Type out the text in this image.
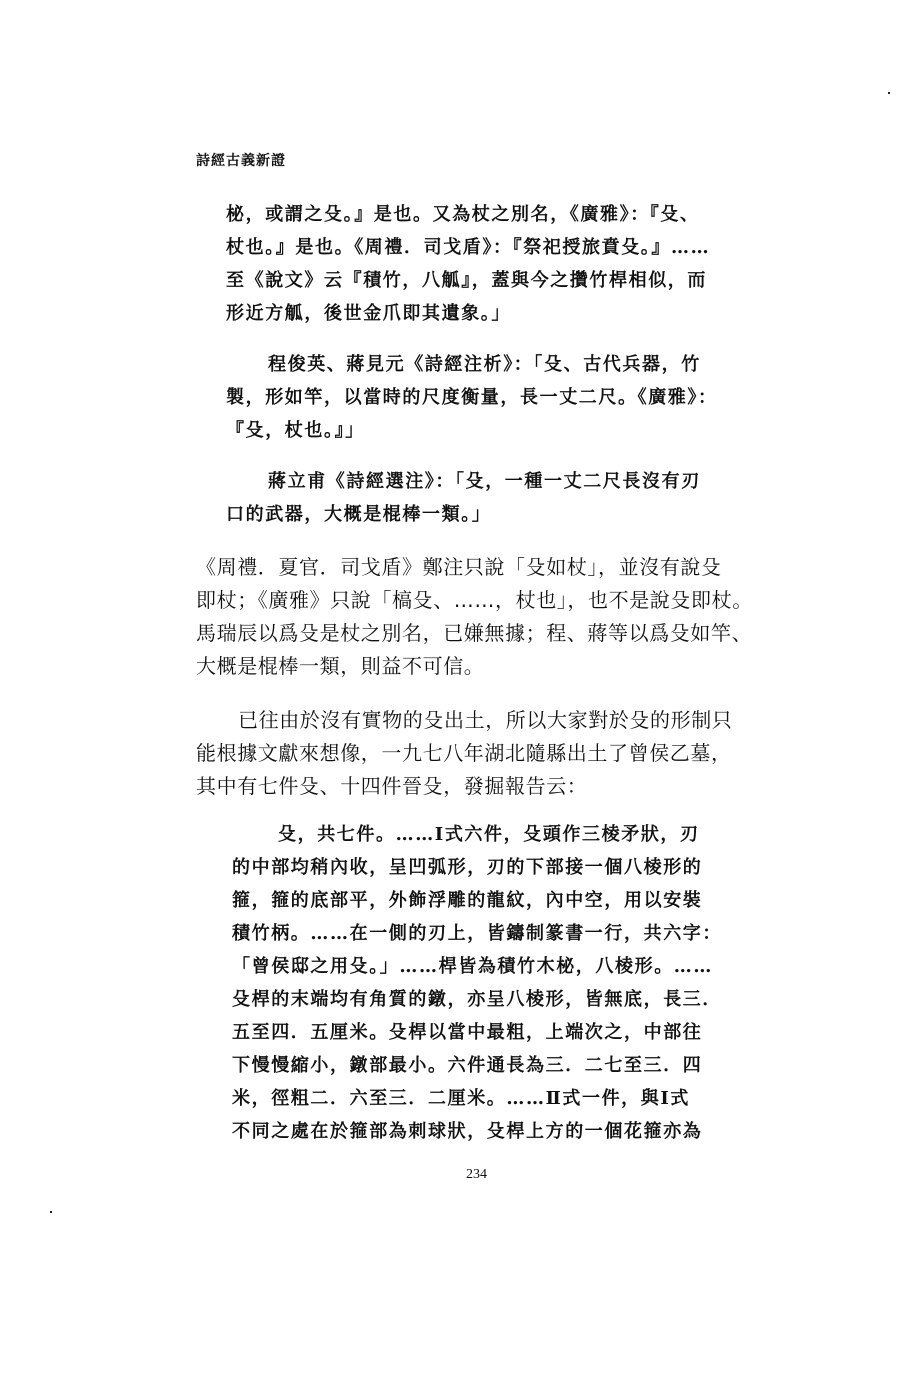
詩經古義新證
柲，或謂之殳。』是也。又為杖之別名，《廣雅》：『殳、
杖也。』是也。《周禮．司戈盾》：『祭祀授旅賁殳。』……
至《說文》云『積竹，八觚』，蓋與今之攢竹桿相似，而
形近方觚，後世金爪即其遺象。」
程俊英、蔣見元《詩經注析》：「殳、古代兵器，竹
製，形如竿，以當時的尺度衡量，長一丈二尺。《廣雅》：
『殳，杖也。』」
蔣立甫《詩經選注》：「殳，一種一丈二尺長沒有刃
口的武器，大概是棍棒一類。」
《周禮．夏官．司戈盾》鄭注只說「殳如杖」，並沒有說殳
即杖；《廣雅》只說「槁殳、……，杖也」，也不是說殳即杖。
馬瑞辰以爲殳是杖之別名，已嫌無據；程、蔣等以爲殳如竿、
大概是棍棒一類，則益不可信。
已往由於沒有實物的殳出土，所以大家對於殳的形制只
能根據文獻來想像，一九七八年湖北隨縣出土了曾侯乙墓，
其中有七件殳、十四件晉殳，發掘報告云：
殳，共七件。……Ⅰ式六件，殳頭作三棱矛狀，刃
的中部均稍內收，呈凹弧形，刃的下部接一個八棱形的
箍，箍的底部平，外飾浮雕的龍紋，內中空，用以安裝
積竹柄。……在一側的刃上，皆鑄制篆書一行，共六字：
「曾侯邸之用殳。」……桿皆為積竹木柲，八棱形。……
殳桿的末端均有角質的鐓，亦呈八棱形，皆無底，長三．
五至四．五厘米。殳桿以當中最粗，上端次之，中部往
下慢慢縮小，鐓部最小。六件通長為三．二七至三．四
米，徑粗二．六至三．二厘米。……Ⅱ式一件，與Ⅰ式
不同之處在於箍部為刺球狀，殳桿上方的一個花箍亦為
234
